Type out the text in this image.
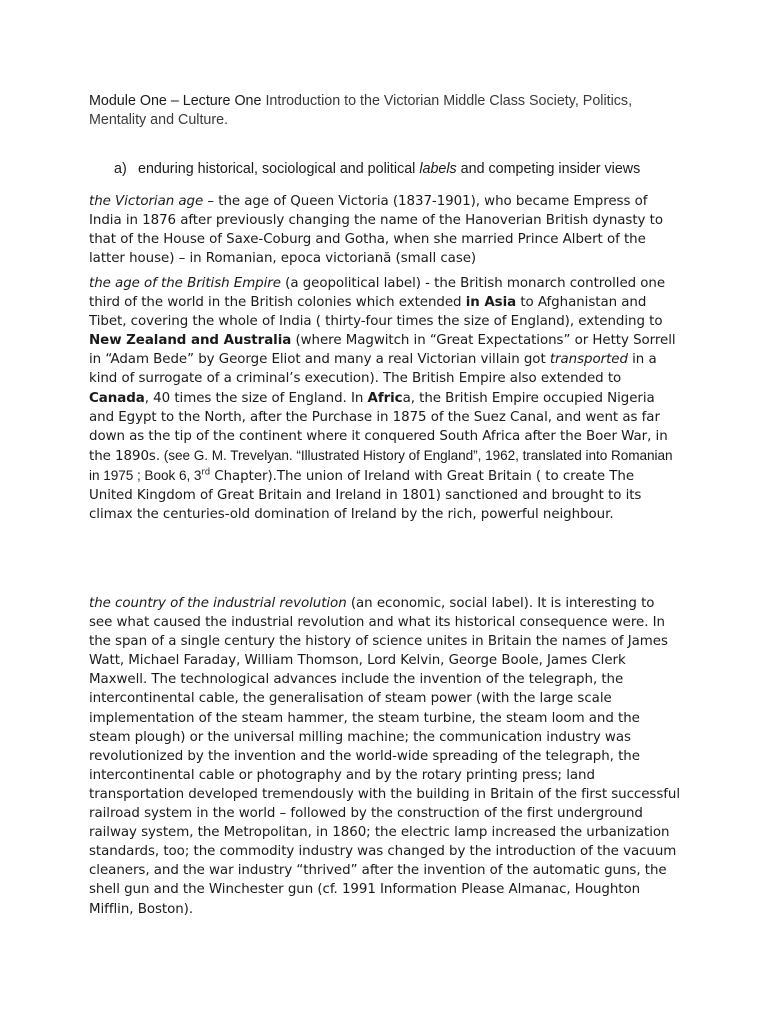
Module One – Lecture One Introduction to the Victorian Middle Class Society, Politics, Mentality and Culture.

a) enduring historical, sociological and political labels and competing insider views

the Victorian age – the age of Queen Victoria (1837-1901), who became Empress of India in 1876 after previously changing the name of the Hanoverian British dynasty to that of the House of Saxe-Coburg and Gotha, when she married Prince Albert of the latter house) – in Romanian, epoca victoriană (small case)

the age of the British Empire (a geopolitical label) - the British monarch controlled one third of the world in the British colonies which extended in Asia to Afghanistan and Tibet, covering the whole of India ( thirty-four times the size of England), extending to New Zealand and Australia (where Magwitch in “Great Expectations” or Hetty Sorrell in “Adam Bede” by George Eliot and many a real Victorian villain got transported in a kind of surrogate of a criminal’s execution). The British Empire also extended to Canada, 40 times the size of England. In Africa, the British Empire occupied Nigeria and Egypt to the North, after the Purchase in 1875 of the Suez Canal, and went as far down as the tip of the continent where it conquered South Africa after the Boer War, in the 1890s. (see G. M. Trevelyan. “Illustrated History of England”, 1962, translated into Romanian in 1975 ; Book 6, 3rd Chapter).The union of Ireland with Great Britain ( to create The United Kingdom of Great Britain and Ireland in 1801) sanctioned and brought to its climax the centuries-old domination of Ireland by the rich, powerful neighbour.

the country of the industrial revolution (an economic, social label). It is interesting to see what caused the industrial revolution and what its historical consequence were. In the span of a single century the history of science unites in Britain the names of James Watt, Michael Faraday, William Thomson, Lord Kelvin, George Boole, James Clerk Maxwell. The technological advances include the invention of the telegraph, the intercontinental cable, the generalisation of steam power (with the large scale implementation of the steam hammer, the steam turbine, the steam loom and the steam plough) or the universal milling machine; the communication industry was revolutionized by the invention and the world-wide spreading of the telegraph, the intercontinental cable or photography and by the rotary printing press; land transportation developed tremendously with the building in Britain of the first successful railroad system in the world – followed by the construction of the first underground railway system, the Metropolitan, in 1860; the electric lamp increased the urbanization standards, too; the commodity industry was changed by the introduction of the vacuum cleaners, and the war industry “thrived” after the invention of the automatic guns, the shell gun and the Winchester gun (cf. 1991 Information Please Almanac, Houghton Mifflin, Boston).
